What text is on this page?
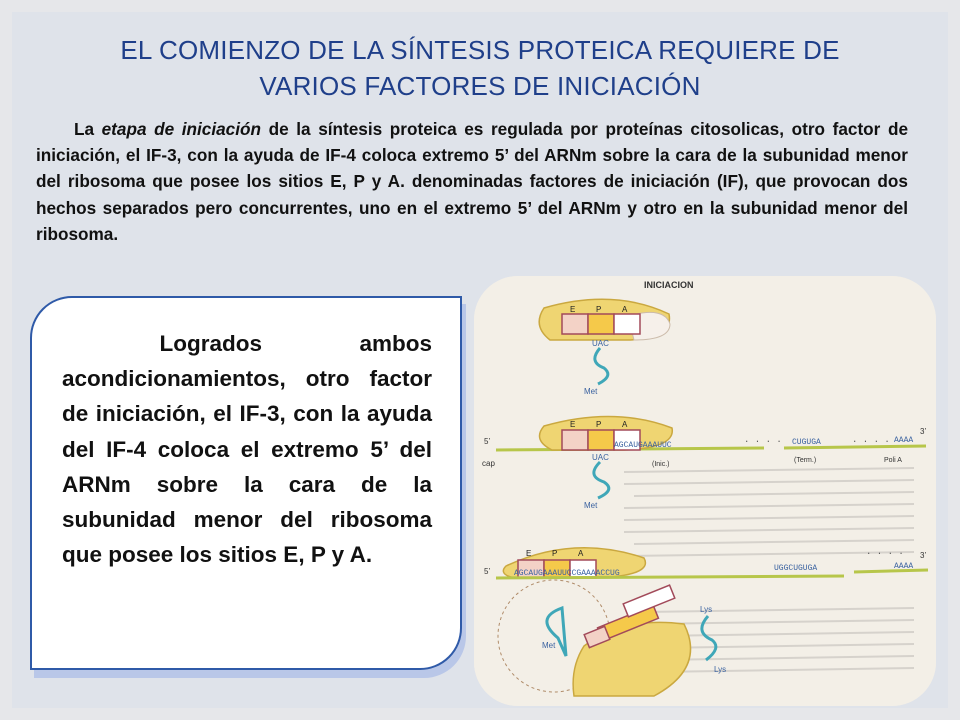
EL COMIENZO DE LA SÍNTESIS PROTEICA REQUIERE DE
VARIOS FACTORES DE INICIACIÓN
La etapa de iniciación de la síntesis proteica es regulada por proteínas citosolicas, otro factor de iniciación, el IF-3, con la ayuda de IF-4 coloca extremo 5’ del ARNm sobre la cara de la subunidad menor del ribosoma que posee los sitios E, P y A. denominadas factores de iniciación (IF), que provocan dos hechos separados pero concurrentes, uno en el extremo 5’ del ARNm y otro en la subunidad menor del ribosoma.
Logrados ambos acondicionamientos, otro factor de iniciación, el IF-3, con la ayuda del IF-4 coloca el extremo 5’ del ARNm sobre la cara de la subunidad menor del ribosoma que posee los sitios E, P y A.
INICIACION
E	P	A
UAC
Met
E	P	A
5’
cap
AGCAUGAAAUUC	· · · · CUGUGA	· · · · AAAA
3’
(Inic.)
(Term.)	Poli A
UAC
Met
E	P	A
5’	AGCAUGAAAUUCCGAAAACCUG
UGGCUGUGA
· · · ·
AAAA
3’
Met
Lys
Lys
